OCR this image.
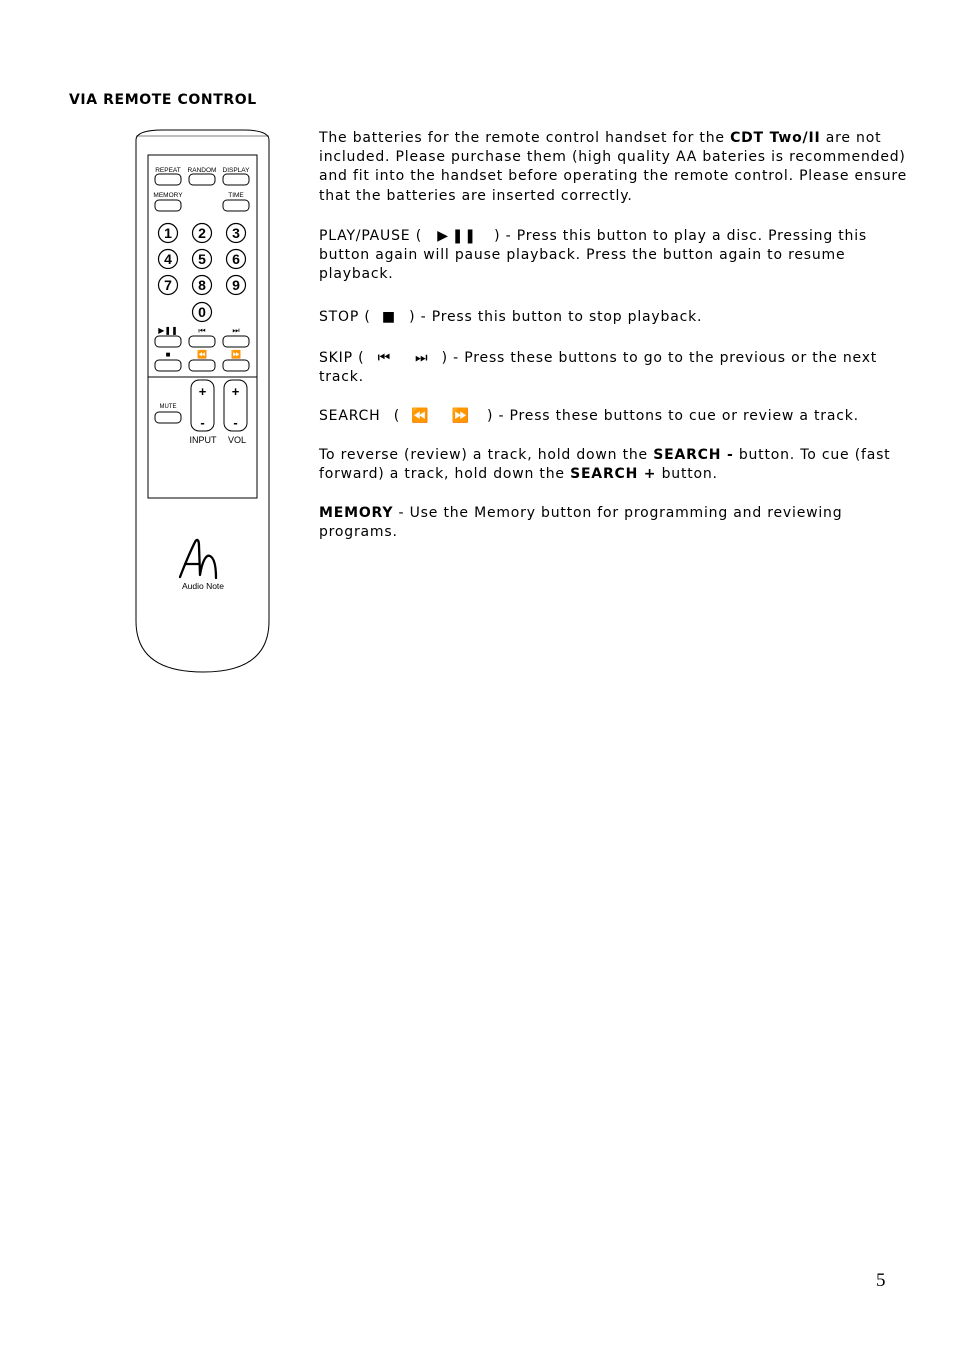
VIA REMOTE CONTROL
REPEAT RANDOM DISPLAY
MEMORY	TIME
1 2 3
4 5 6
7 8 9
0
▶❚❚	⏮	⏭
■	⏪	⏩
+
-
+
-
MUTE
INPUT VOL
Audio Note

The batteries for the remote control handset for the CDT Two/II are not included. Please purchase them (high quality AA bateries is recommended) and fit into the handset before operating the remote control. Please ensure that the batteries are inserted correctly.

PLAY/PAUSE ( ▶ ❚❚ ) - Press this button to play a disc. Pressing this button again will pause playback. Press the button again to resume playback.

STOP ( ■ ) - Press this button to stop playback.

SKIP ( ⏮ ⏭ ) - Press these buttons to go to the previous or the next track.

SEARCH ( ⏪ ⏩ ) - Press these buttons to cue or review a track.

To reverse (review) a track, hold down the SEARCH - button. To cue (fast forward) a track, hold down the SEARCH + button.

MEMORY - Use the Memory button for programming and reviewing programs.

5
